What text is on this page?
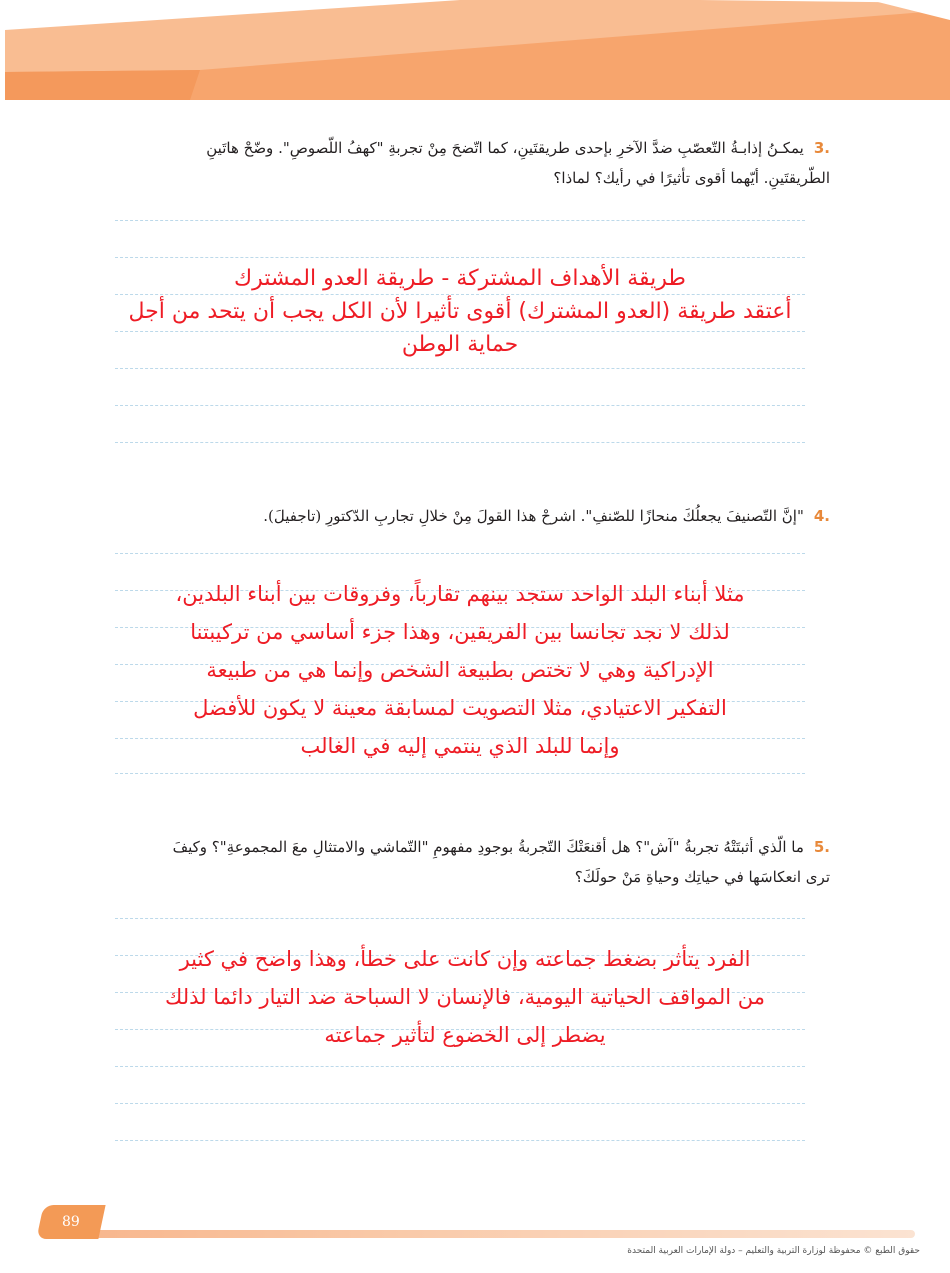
.3يمكـنُ إذابـةُ التّعصّبِ ضدَّ الآخرِ بإحدى طريقتَينِ، كما اتّضحَ مِنْ تجربةِ "كهفُ اللّصوصِ". وضّحْ هاتَينِ
الطّريقتَينِ. أيّهما أقوى تأثيرًا في رأيك؟ لماذا؟
طريقة الأهداف المشتركة - طريقة العدو المشترك
أعتقد طريقة (العدو المشترك) أقوى تأثيرا لأن الكل يجب أن يتحد من أجل
حماية الوطن
.4"إنَّ التّصنيفَ يجعلُكَ منحازًا للصّنفِ". اشرحْ هذا القولَ مِنْ خلالِ تجاربِ الدّكتورِ (تاجفيلَ).
مثلا أبناء البلد الواحد ستجد بينهم تقارباً، وفروقات بين أبناء البلدين،
لذلك لا نجد تجانسا بين الفريقين، وهذا جزء أساسي من تركيبتنا
الإدراكية وهي لا تختص بطبيعة الشخص وإنما هي من طبيعة
التفكير الاعتيادي، مثلا التصويت لمسابقة معينة لا يكون للأفضل
وإنما للبلد الذي ينتمي إليه في الغالب
.5ما الّذي أثبتَتْهُ تجربةُ "آش"؟ هل أقنعَتْكَ التّجربةُ بوجودِ مفهومِ "التّماشي والامتثالِ معَ المجموعةِ"؟ وكيفَ
ترى انعكاسَها في حياتِك وحياةِ مَنْ حولَكَ؟
الفرد يتأثر بضغط جماعته وإن كانت على خطأ، وهذا واضح في كثير
من المواقف الحياتية اليومية، فالإنسان لا السباحة ضد التيار دائما لذلك
يضطر إلى الخضوع لتأثير جماعته
89
حقوق الطبع © محفوظة لوزارة التربية والتعليم – دولة الإمارات العربية المتحدة
